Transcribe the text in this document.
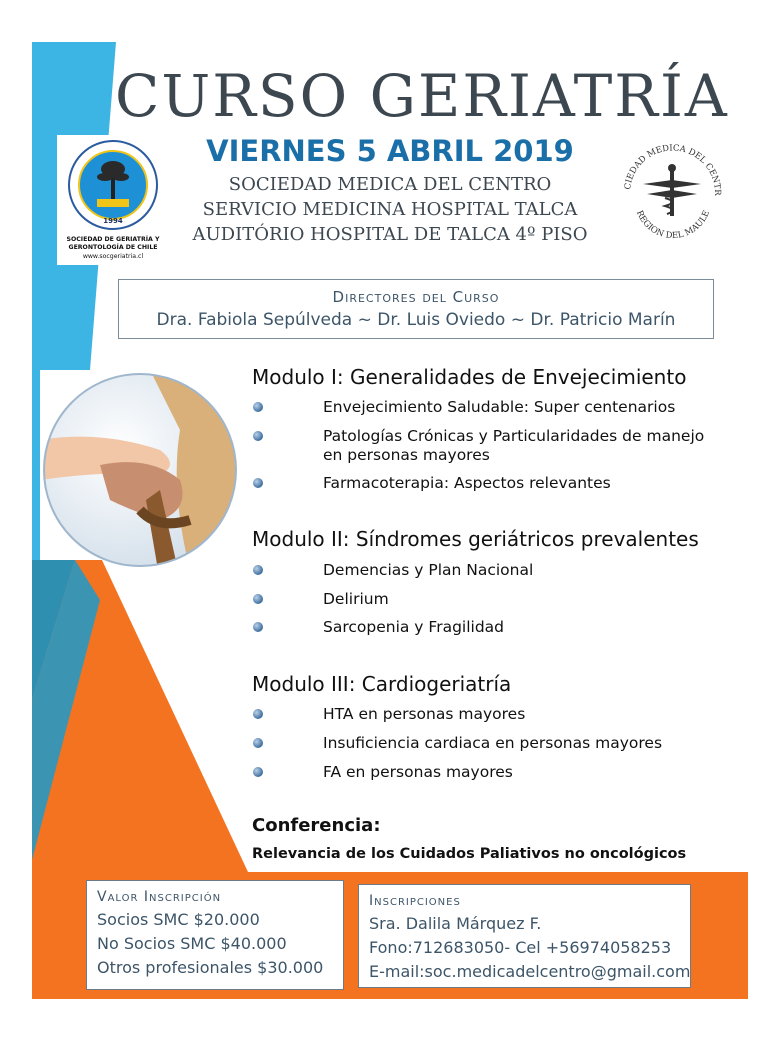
CURSO GERIATRÍA
VIERNES 5 ABRIL 2019
SOCIEDAD MEDICA DEL CENTRO
SERVICIO MEDICINA HOSPITAL TALCA
AUDITÓRIO HOSPITAL DE TALCA 4º PISO
1994
SOCIEDAD DE GERIATRÍA Y
GERONTOLOGÍA DE CHILE
www.socgeriatria.cl
CIEDAD MEDICA DEL CENTR
REGION DEL MAULE
Directores del Curso
Dra. Fabiola Sepúlveda ~ Dr. Luis Oviedo ~ Dr. Patricio Marín
Modulo I: Generalidades de Envejecimiento
Envejecimiento Saludable: Super centenarios
Patologías Crónicas y Particularidades de manejo en personas mayores
Farmacoterapia: Aspectos relevantes
Modulo II: Síndromes geriátricos prevalentes
Demencias y Plan Nacional
Delirium
Sarcopenia y Fragilidad
Modulo III: Cardiogeriatría
HTA en personas mayores
Insuficiencia cardiaca en personas mayores
FA en personas mayores
Conferencia:
Relevancia de los Cuidados Paliativos no oncológicos
Valor Inscripción
Socios SMC $20.000
No Socios SMC $40.000
Otros profesionales $30.000
Inscripciones
Sra. Dalila Márquez F.
Fono:712683050- Cel +56974058253
E-mail:soc.medicadelcentro@gmail.com
